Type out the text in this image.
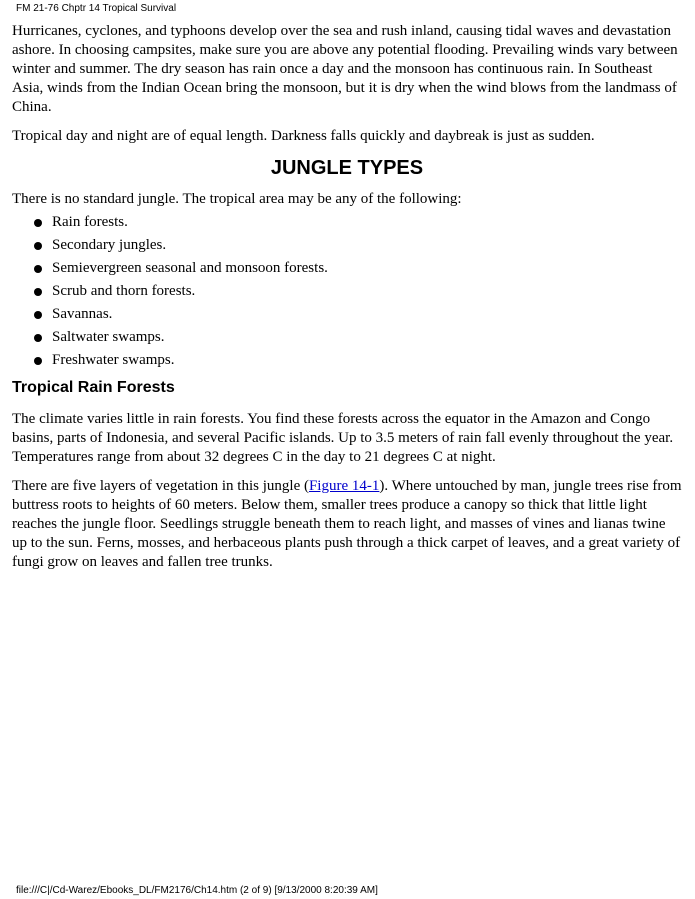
FM 21-76 Chptr 14 Tropical Survival

Hurricanes, cyclones, and typhoons develop over the sea and rush inland, causing tidal waves and devastation ashore. In choosing campsites, make sure you are above any potential flooding. Prevailing winds vary between winter and summer. The dry season has rain once a day and the monsoon has continuous rain. In Southeast Asia, winds from the Indian Ocean bring the monsoon, but it is dry when the wind blows from the landmass of China.

Tropical day and night are of equal length. Darkness falls quickly and daybreak is just as sudden.

JUNGLE TYPES

There is no standard jungle. The tropical area may be any of the following:

Rain forests.
Secondary jungles.
Semievergreen seasonal and monsoon forests.
Scrub and thorn forests.
Savannas.
Saltwater swamps.
Freshwater swamps.
Tropical Rain Forests

The climate varies little in rain forests. You find these forests across the equator in the Amazon and Congo basins, parts of Indonesia, and several Pacific islands. Up to 3.5 meters of rain fall evenly throughout the year. Temperatures range from about 32 degrees C in the day to 21 degrees C at night.

There are five layers of vegetation in this jungle (Figure 14-1). Where untouched by man, jungle trees rise from buttress roots to heights of 60 meters. Below them, smaller trees produce a canopy so thick that little light reaches the jungle floor. Seedlings struggle beneath them to reach light, and masses of vines and lianas twine up to the sun. Ferns, mosses, and herbaceous plants push through a thick carpet of leaves, and a great variety of fungi grow on leaves and fallen tree trunks.

file:///C|/Cd-Warez/Ebooks_DL/FM2176/Ch14.htm (2 of 9) [9/13/2000 8:20:39 AM]
